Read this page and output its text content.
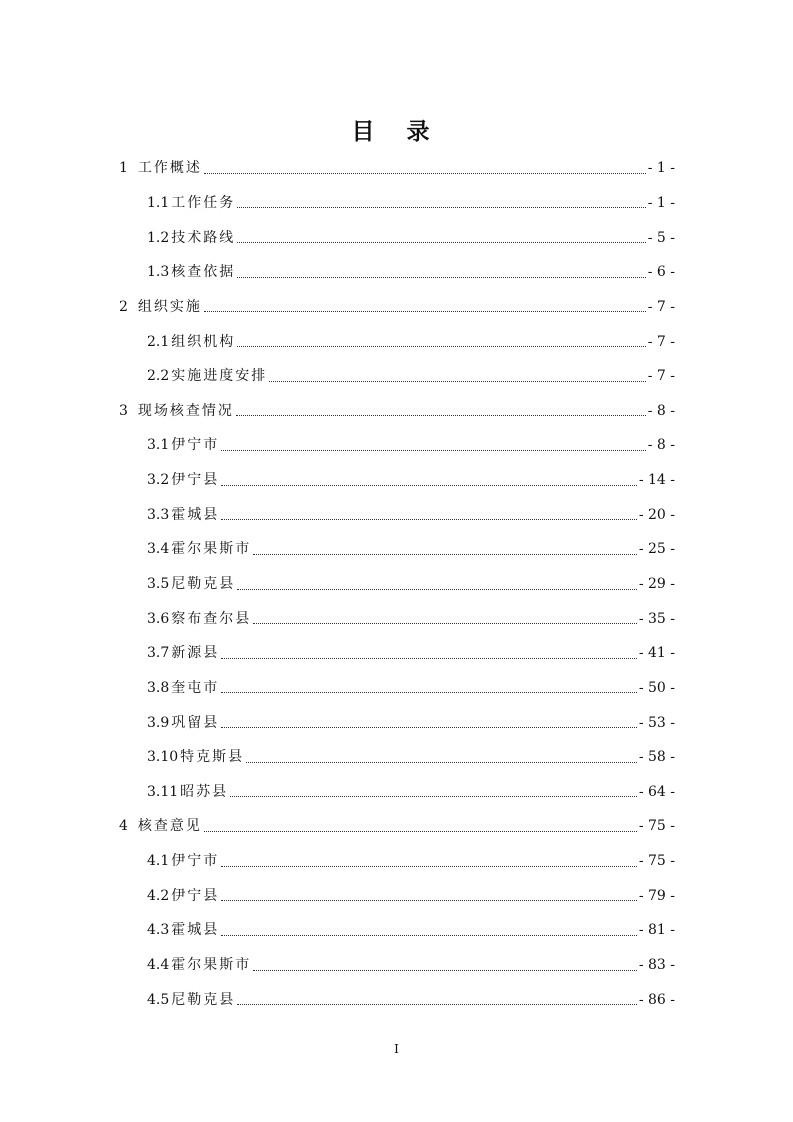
目 录
1 工作概述	- 1 -
1.1 工作任务	- 1 -
1.2 技术路线	- 5 -
1.3 核查依据	- 6 -
2 组织实施	- 7 -
2.1 组织机构	- 7 -
2.2 实施进度安排	- 7 -
3 现场核查情况	- 8 -
3.1 伊宁市	- 8 -
3.2 伊宁县	- 14 -
3.3 霍城县	- 20 -
3.4 霍尔果斯市	- 25 -
3.5 尼勒克县	- 29 -
3.6 察布查尔县	- 35 -
3.7 新源县	- 41 -
3.8 奎屯市	- 50 -
3.9 巩留县	- 53 -
3.10 特克斯县	- 58 -
3.11 昭苏县	- 64 -
4 核查意见	- 75 -
4.1 伊宁市	- 75 -
4.2 伊宁县	- 79 -
4.3 霍城县	- 81 -
4.4 霍尔果斯市	- 83 -
4.5 尼勒克县	- 86 -
I
